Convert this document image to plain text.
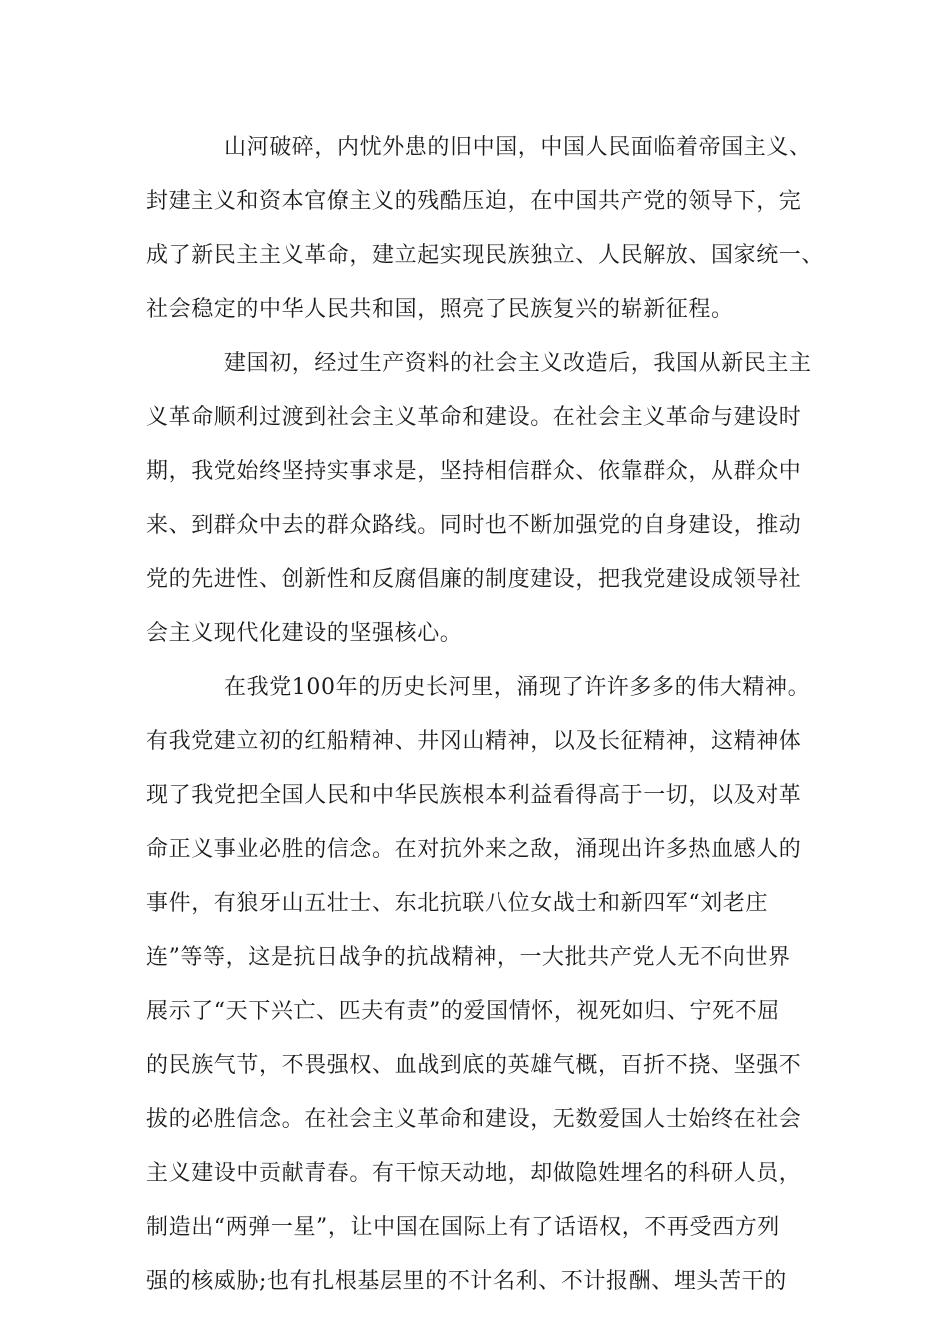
山河破碎，内忧外患的旧中国，中国人民面临着帝国主义、
封建主义和资本官僚主义的残酷压迫，在中国共产党的领导下，完
成了新民主主义革命，建立起实现民族独立、人民解放、国家统一、
社会稳定的中华人民共和国，照亮了民族复兴的崭新征程。
建国初，经过生产资料的社会主义改造后，我国从新民主主
义革命顺利过渡到社会主义革命和建设。在社会主义革命与建设时
期，我党始终坚持实事求是，坚持相信群众、依靠群众，从群众中
来、到群众中去的群众路线。同时也不断加强党的自身建设，推动
党的先进性、创新性和反腐倡廉的制度建设，把我党建设成领导社
会主义现代化建设的坚强核心。
在我党100年的历史长河里，涌现了许许多多的伟大精神。
有我党建立初的红船精神、井冈山精神，以及长征精神，这精神体
现了我党把全国人民和中华民族根本利益看得高于一切，以及对革
命正义事业必胜的信念。在对抗外来之敌，涌现出许多热血感人的
事件，有狼牙山五壮士、东北抗联八位女战士和新四军“刘老庄
连”等等，这是抗日战争的抗战精神，一大批共产党人无不向世界
展示了“天下兴亡、匹夫有责”的爱国情怀，视死如归、宁死不屈
的民族气节，不畏强权、血战到底的英雄气概，百折不挠、坚强不
拔的必胜信念。在社会主义革命和建设，无数爱国人士始终在社会
主义建设中贡献青春。有干惊天动地，却做隐姓埋名的科研人员，
制造出“两弹一星”，让中国在国际上有了话语权，不再受西方列
强的核威胁;也有扎根基层里的不计名利、不计报酬、埋头苦干的
